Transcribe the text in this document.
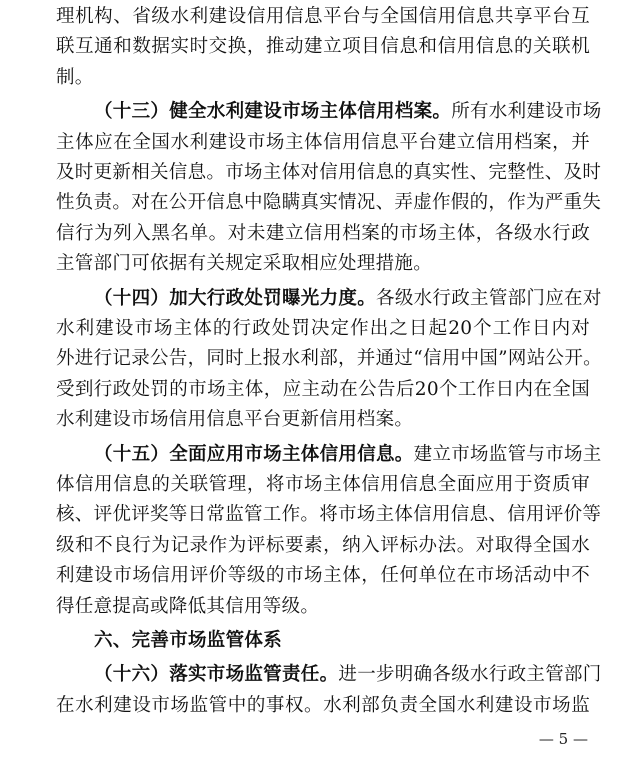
理机构、省级水利建设信用信息平台与全国信用信息共享平台互
联互通和数据实时交换，推动建立项目信息和信用信息的关联机
制。
（十三）健全水利建设市场主体信用档案。所有水利建设市场
主体应在全国水利建设市场主体信用信息平台建立信用档案，并
及时更新相关信息。市场主体对信用信息的真实性、完整性、及时
性负责。对在公开信息中隐瞒真实情况、弄虚作假的，作为严重失
信行为列入黑名单。对未建立信用档案的市场主体，各级水行政
主管部门可依据有关规定采取相应处理措施。
（十四）加大行政处罚曝光力度。各级水行政主管部门应在对
水利建设市场主体的行政处罚决定作出之日起20个工作日内对
外进行记录公告，同时上报水利部，并通过“信用中国”网站公开。
受到行政处罚的市场主体，应主动在公告后20个工作日内在全国
水利建设市场信用信息平台更新信用档案。
（十五）全面应用市场主体信用信息。建立市场监管与市场主
体信用信息的关联管理，将市场主体信用信息全面应用于资质审
核、评优评奖等日常监管工作。将市场主体信用信息、信用评价等
级和不良行为记录作为评标要素，纳入评标办法。对取得全国水
利建设市场信用评价等级的市场主体，任何单位在市场活动中不
得任意提高或降低其信用等级。
六、完善市场监管体系
（十六）落实市场监管责任。进一步明确各级水行政主管部门
在水利建设市场监管中的事权。水利部负责全国水利建设市场监
— 5 —
